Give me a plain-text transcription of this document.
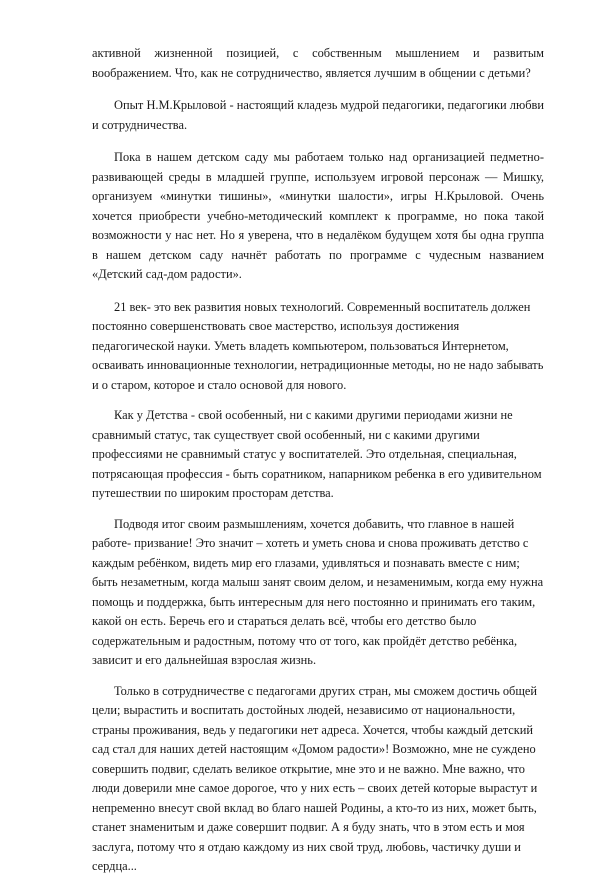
активной жизненной позицией, с собственным мышлением и развитым воображением. Что, как не сотрудничество, является лучшим в общении с детьми?

Опыт Н.М.Крыловой - настоящий кладезь мудрой педагогики, педагогики любви и сотрудничества.

Пока в нашем детском саду мы работаем только над организацией педметно-развивающей среды в младшей группе, используем игровой персонаж — Мишку, организуем «минутки тишины», «минутки шалости», игры Н.Крыловой. Очень хочется приобрести учебно-методический комплект к программе, но пока такой возможности у нас нет. Но я уверена, что в недалёком будущем хотя бы одна группа в нашем детском саду начнёт работать по программе с чудесным названием «Детский сад-дом радости».

21 век- это век развития новых технологий. Современный воспитатель должен постоянно совершенствовать свое мастерство, используя достижения педагогической науки. Уметь владеть компьютером, пользоваться Интернетом, осваивать инновационные технологии, нетрадиционные методы, но не надо забывать и о старом, которое и стало основой для нового.

Как у Детства - свой особенный, ни с какими другими периодами жизни не сравнимый статус, так существует свой особенный, ни с какими другими профессиями не сравнимый статус у воспитателей. Это отдельная, специальная, потрясающая профессия - быть соратником, напарником ребенка в его удивительном путешествии по широким просторам детства.

Подводя итог своим размышлениям, хочется добавить, что главное в нашей работе- призвание! Это значит – хотеть и уметь снова и снова проживать детство с каждым ребёнком, видеть мир его глазами, удивляться и познавать вместе с ним; быть незаметным, когда малыш занят своим делом, и незаменимым, когда ему нужна помощь и поддержка, быть интересным для него постоянно и принимать его таким, какой он есть. Беречь его и стараться делать всё, чтобы его детство было содержательным и радостным, потому что от того, как пройдёт детство ребёнка, зависит и его дальнейшая взрослая жизнь.

Только в сотрудничестве с педагогами других стран, мы сможем достичь общей цели; вырастить и воспитать достойных людей, независимо от национальности, страны проживания, ведь у педагогики нет адреса. Хочется, чтобы каждый детский сад стал для наших детей настоящим «Домом радости»! Возможно, мне не суждено совершить подвиг, сделать великое открытие, мне это и не важно. Мне важно, что люди доверили мне самое дорогое, что у них есть – своих детей которые вырастут и непременно внесут свой вклад во благо нашей Родины, а кто-то из них, может быть, станет знаменитым и даже совершит подвиг. А я буду знать, что в этом есть и моя заслуга, потому что я отдаю каждому из них свой труд, любовь, частичку души и сердца...
